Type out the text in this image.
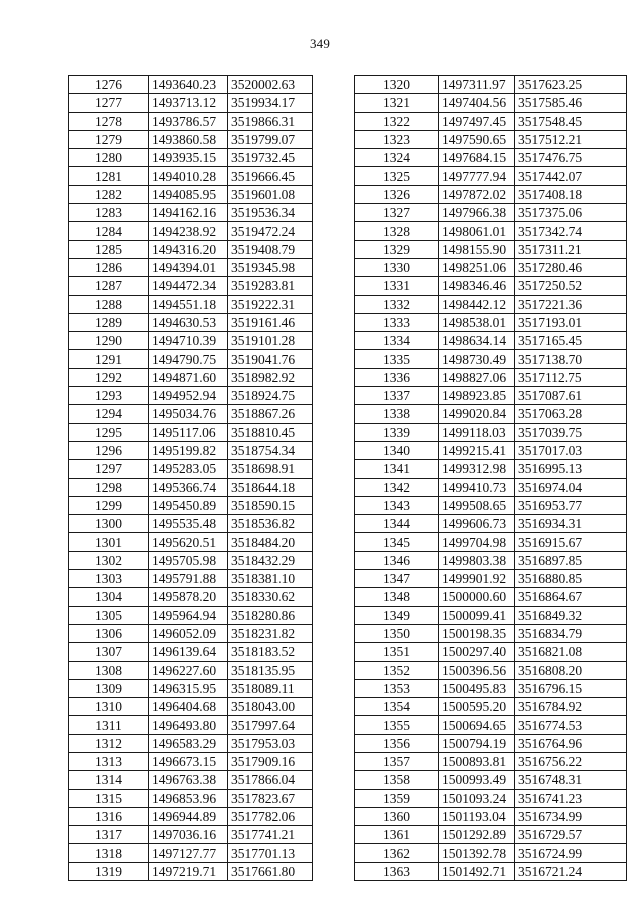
349
1276	1493640.23	3520002.63
1277	1493713.12	3519934.17
1278	1493786.57	3519866.31
1279	1493860.58	3519799.07
1280	1493935.15	3519732.45
1281	1494010.28	3519666.45
1282	1494085.95	3519601.08
1283	1494162.16	3519536.34
1284	1494238.92	3519472.24
1285	1494316.20	3519408.79
1286	1494394.01	3519345.98
1287	1494472.34	3519283.81
1288	1494551.18	3519222.31
1289	1494630.53	3519161.46
1290	1494710.39	3519101.28
1291	1494790.75	3519041.76
1292	1494871.60	3518982.92
1293	1494952.94	3518924.75
1294	1495034.76	3518867.26
1295	1495117.06	3518810.45
1296	1495199.82	3518754.34
1297	1495283.05	3518698.91
1298	1495366.74	3518644.18
1299	1495450.89	3518590.15
1300	1495535.48	3518536.82
1301	1495620.51	3518484.20
1302	1495705.98	3518432.29
1303	1495791.88	3518381.10
1304	1495878.20	3518330.62
1305	1495964.94	3518280.86
1306	1496052.09	3518231.82
1307	1496139.64	3518183.52
1308	1496227.60	3518135.95
1309	1496315.95	3518089.11
1310	1496404.68	3518043.00
1311	1496493.80	3517997.64
1312	1496583.29	3517953.03
1313	1496673.15	3517909.16
1314	1496763.38	3517866.04
1315	1496853.96	3517823.67
1316	1496944.89	3517782.06
1317	1497036.16	3517741.21
1318	1497127.77	3517701.13
1319	1497219.71	3517661.80
1320	1497311.97	3517623.25
1321	1497404.56	3517585.46
1322	1497497.45	3517548.45
1323	1497590.65	3517512.21
1324	1497684.15	3517476.75
1325	1497777.94	3517442.07
1326	1497872.02	3517408.18
1327	1497966.38	3517375.06
1328	1498061.01	3517342.74
1329	1498155.90	3517311.21
1330	1498251.06	3517280.46
1331	1498346.46	3517250.52
1332	1498442.12	3517221.36
1333	1498538.01	3517193.01
1334	1498634.14	3517165.45
1335	1498730.49	3517138.70
1336	1498827.06	3517112.75
1337	1498923.85	3517087.61
1338	1499020.84	3517063.28
1339	1499118.03	3517039.75
1340	1499215.41	3517017.03
1341	1499312.98	3516995.13
1342	1499410.73	3516974.04
1343	1499508.65	3516953.77
1344	1499606.73	3516934.31
1345	1499704.98	3516915.67
1346	1499803.38	3516897.85
1347	1499901.92	3516880.85
1348	1500000.60	3516864.67
1349	1500099.41	3516849.32
1350	1500198.35	3516834.79
1351	1500297.40	3516821.08
1352	1500396.56	3516808.20
1353	1500495.83	3516796.15
1354	1500595.20	3516784.92
1355	1500694.65	3516774.53
1356	1500794.19	3516764.96
1357	1500893.81	3516756.22
1358	1500993.49	3516748.31
1359	1501093.24	3516741.23
1360	1501193.04	3516734.99
1361	1501292.89	3516729.57
1362	1501392.78	3516724.99
1363	1501492.71	3516721.24
